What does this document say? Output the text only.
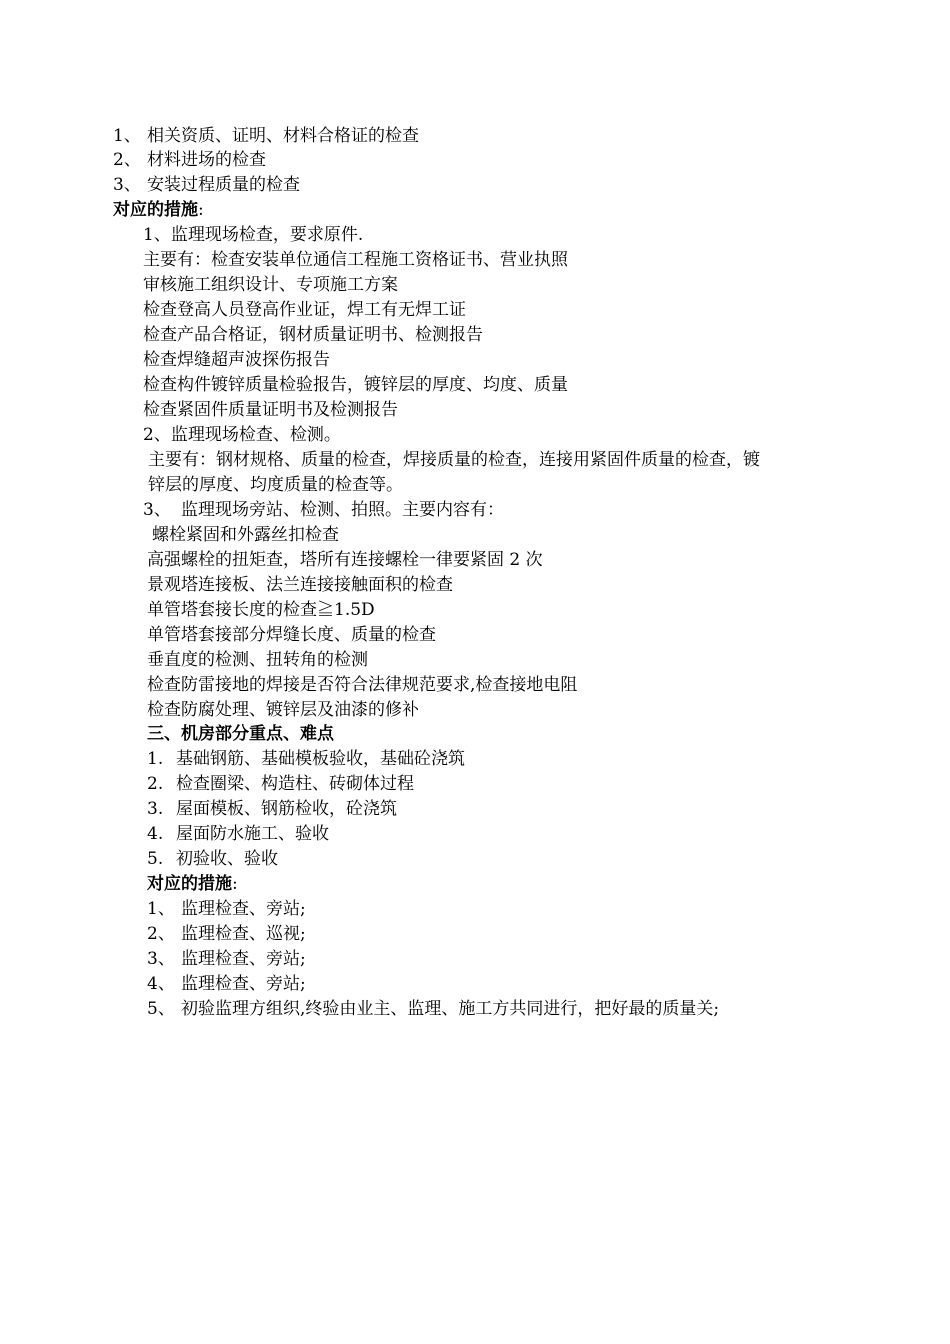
1、 相关资质、证明、材料合格证的检查
2、 材料进场的检查
3、 安装过程质量的检查
对应的措施:
1、监理现场检查，要求原件.
主要有：检查安装单位通信工程施工资格证书、营业执照
审核施工组织设计、专项施工方案
检查登高人员登高作业证，焊工有无焊工证
检查产品合格证，钢材质量证明书、检测报告
检查焊缝超声波探伤报告
检查构件镀锌质量检验报告，镀锌层的厚度、均度、质量
检查紧固件质量证明书及检测报告
2、监理现场检查、检测。
主要有：钢材规格、质量的检查，焊接质量的检查，连接用紧固件质量的检查，镀
锌层的厚度、均度质量的检查等。
3、 监理现场旁站、检测、拍照。主要内容有：
螺栓紧固和外露丝扣检查
高强螺栓的扭矩查，塔所有连接螺栓一律要紧固 2 次
景观塔连接板、法兰连接接触面积的检查
单管塔套接长度的检查≧1.5D
单管塔套接部分焊缝长度、质量的检查
垂直度的检测、扭转角的检测
检查防雷接地的焊接是否符合法律规范要求,检查接地电阻
检查防腐处理、镀锌层及油漆的修补
三、机房部分重点、难点
1. 基础钢筋、基础模板验收，基础砼浇筑
2. 检查圈梁、构造柱、砖砌体过程
3. 屋面模板、钢筋检收，砼浇筑
4. 屋面防水施工、验收
5. 初验收、验收
对应的措施:
1、 监理检查、旁站;
2、 监理检查、巡视;
3、 监理检查、旁站;
4、 监理检查、旁站;
5、 初验监理方组织,终验由业主、监理、施工方共同进行，把好最的质量关;
